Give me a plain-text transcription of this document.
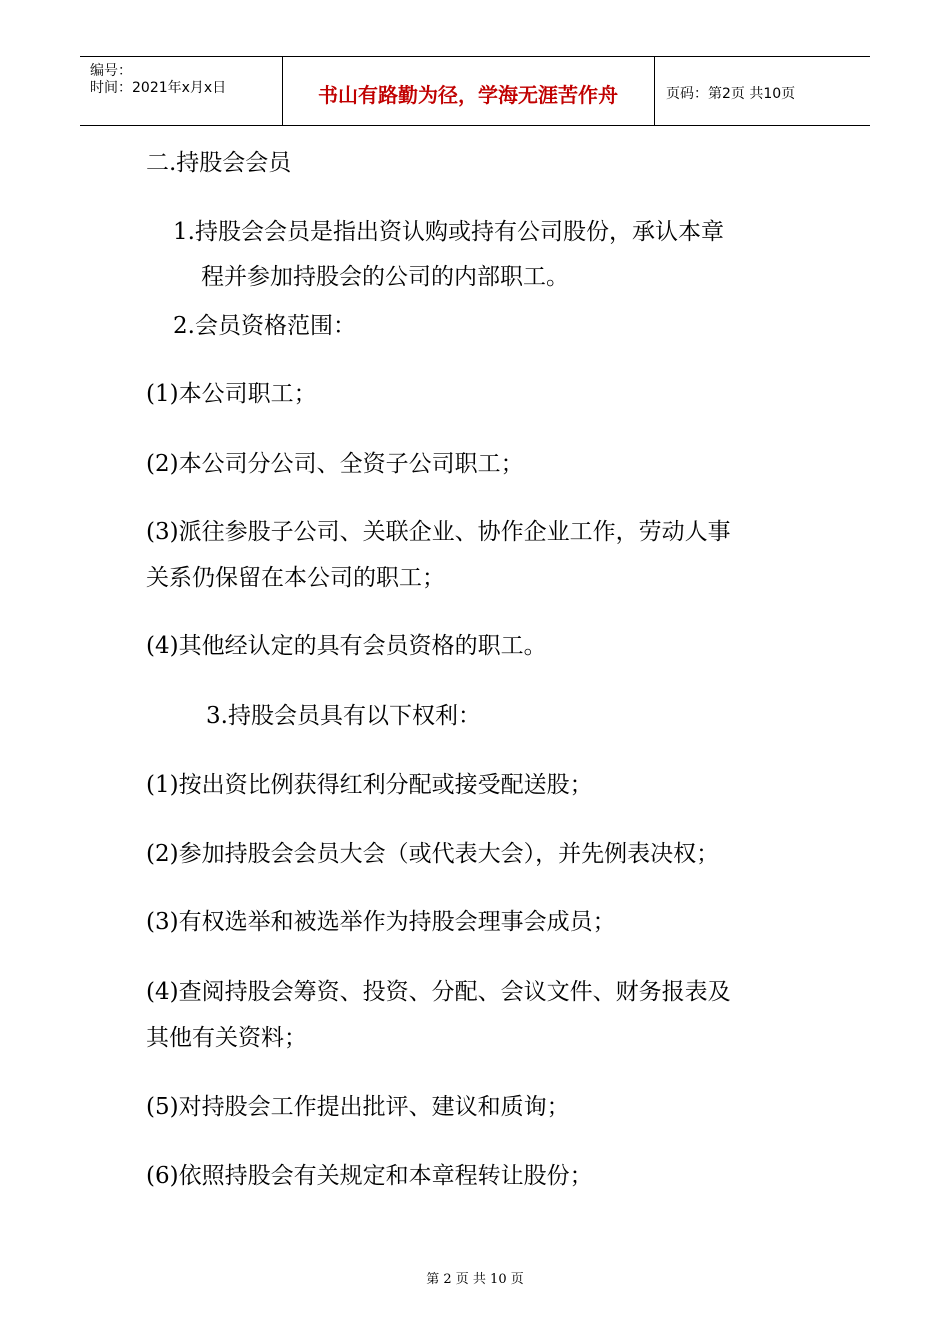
编号：
时间：2021年x月x日	书山有路勤为径，学海无涯苦作舟	页码：第2页 共10页
二.持股会会员
1.持股会会员是指出资认购或持有公司股份，承认本章
程并参加持股会的公司的内部职工。
2.会员资格范围：
(1)本公司职工；
(2)本公司分公司、全资子公司职工；
(3)派往参股子公司、关联企业、协作企业工作，劳动人事
关系仍保留在本公司的职工；
(4)其他经认定的具有会员资格的职工。
3.持股会员具有以下权利：
(1)按出资比例获得红利分配或接受配送股；
(2)参加持股会会员大会（或代表大会），并先例表决权；
(3)有权选举和被选举作为持股会理事会成员；
(4)查阅持股会筹资、投资、分配、会议文件、财务报表及
其他有关资料；
(5)对持股会工作提出批评、建议和质询；
(6)依照持股会有关规定和本章程转让股份；
第 2 页 共 10 页
